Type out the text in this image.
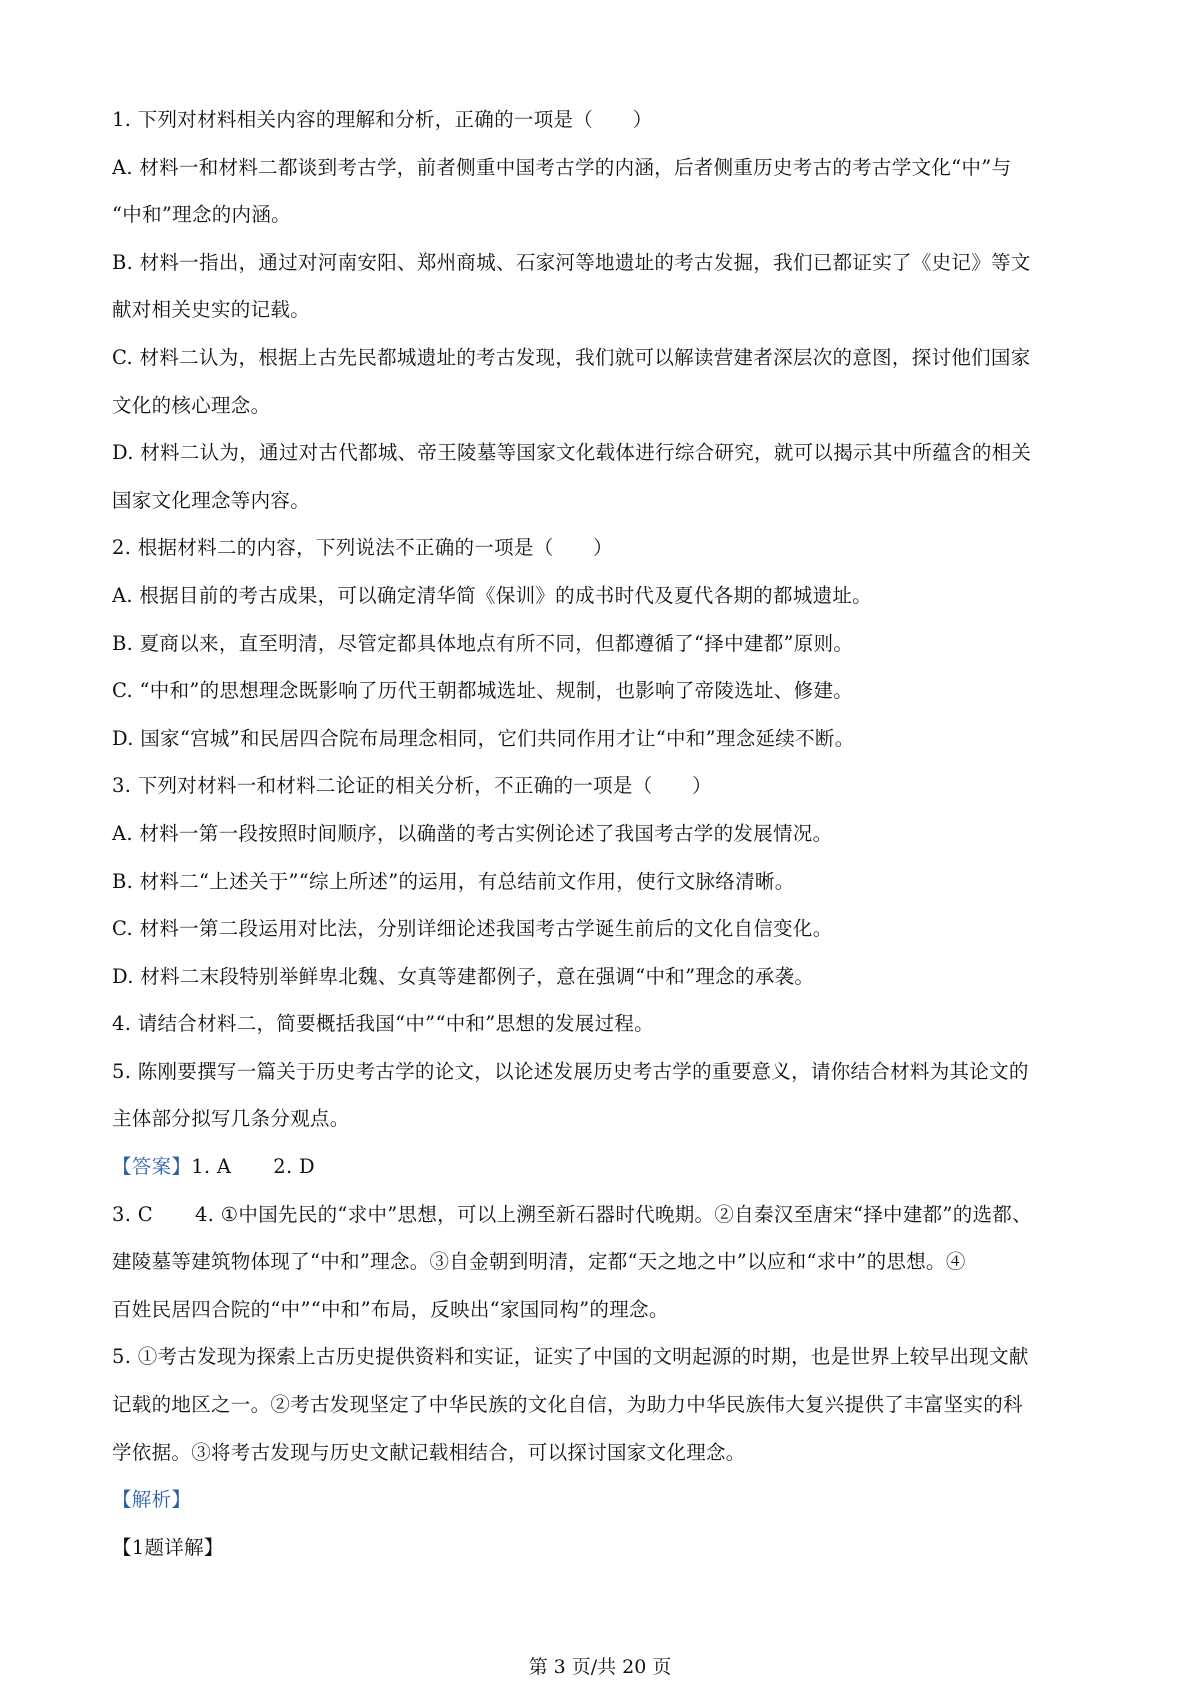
1. 下列对材料相关内容的理解和分析，正确的一项是（　　）
A. 材料一和材料二都谈到考古学，前者侧重中国考古学的内涵，后者侧重历史考古的考古学文化“中”与
“中和”理念的内涵。
B. 材料一指出，通过对河南安阳、郑州商城、石家河等地遗址的考古发掘，我们已都证实了《史记》等文
献对相关史实的记载。
C. 材料二认为，根据上古先民都城遗址的考古发现，我们就可以解读营建者深层次的意图，探讨他们国家
文化的核心理念。
D. 材料二认为，通过对古代都城、帝王陵墓等国家文化载体进行综合研究，就可以揭示其中所蕴含的相关
国家文化理念等内容。
2. 根据材料二的内容，下列说法不正确的一项是（　　）
A. 根据目前的考古成果，可以确定清华简《保训》的成书时代及夏代各期的都城遗址。
B. 夏商以来，直至明清，尽管定都具体地点有所不同，但都遵循了“择中建都”原则。
C. “中和”的思想理念既影响了历代王朝都城选址、规制，也影响了帝陵选址、修建。
D. 国家“宫城”和民居四合院布局理念相同，它们共同作用才让“中和”理念延续不断。
3. 下列对材料一和材料二论证的相关分析，不正确的一项是（　　）
A. 材料一第一段按照时间顺序，以确凿的考古实例论述了我国考古学的发展情况。
B. 材料二“上述关于”“综上所述”的运用，有总结前文作用，使行文脉络清晰。
C. 材料一第二段运用对比法，分别详细论述我国考古学诞生前后的文化自信变化。
D. 材料二末段特别举鲜卑北魏、女真等建都例子，意在强调“中和”理念的承袭。
4. 请结合材料二，简要概括我国“中”“中和”思想的发展过程。
5. 陈刚要撰写一篇关于历史考古学的论文，以论述发展历史考古学的重要意义，请你结合材料为其论文的
主体部分拟写几条分观点。
【答案】1. A 2. D
3. C 4. ①中国先民的“求中”思想，可以上溯至新石器时代晚期。②自秦汉至唐宋“择中建都”的选都、
建陵墓等建筑物体现了“中和”理念。③自金朝到明清，定都“天之地之中”以应和“求中”的思想。④
百姓民居四合院的“中”“中和”布局，反映出“家国同构”的理念。
5. ①考古发现为探索上古历史提供资料和实证，证实了中国的文明起源的时期，也是世界上较早出现文献
记载的地区之一。②考古发现坚定了中华民族的文化自信，为助力中华民族伟大复兴提供了丰富坚实的科
学依据。③将考古发现与历史文献记载相结合，可以探讨国家文化理念。
【解析】
【1题详解】
第 3 页/共 20 页
